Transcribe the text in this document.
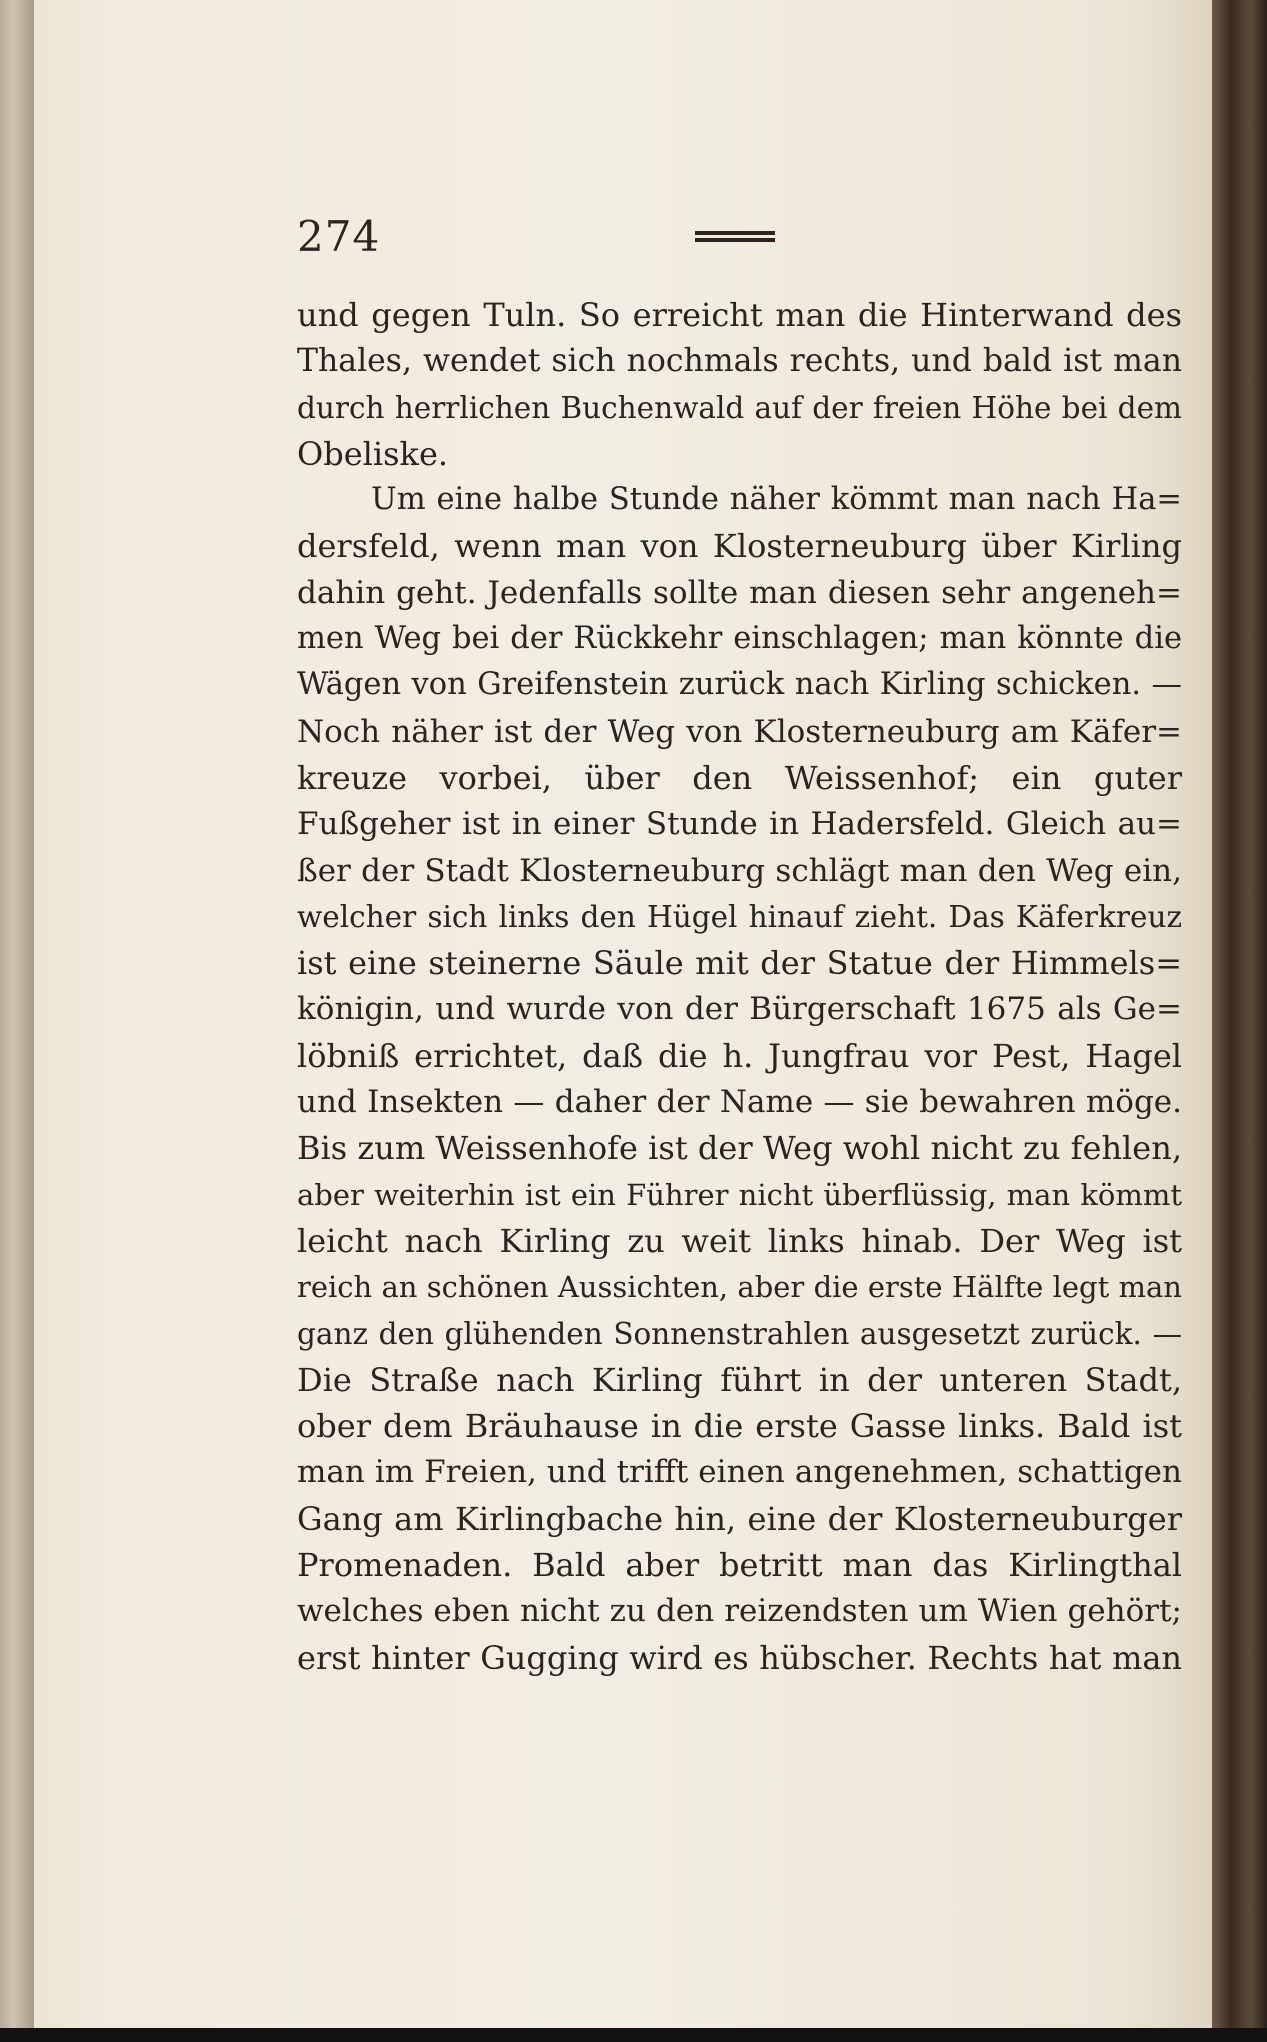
274
und gegen Tuln. So erreicht man die Hinterwand des
Thales, wendet sich nochmals rechts, und bald ist man
durch herrlichen Buchenwald auf der freien Höhe bei dem
Obeliske.
Um eine halbe Stunde näher kömmt man nach Ha=
dersfeld, wenn man von Klosterneuburg über Kirling
dahin geht. Jedenfalls sollte man diesen sehr angeneh=
men Weg bei der Rückkehr einschlagen; man könnte die
Wägen von Greifenstein zurück nach Kirling schicken. —
Noch näher ist der Weg von Klosterneuburg am Käfer=
kreuze vorbei, über den Weissenhof; ein guter
Fußgeher ist in einer Stunde in Hadersfeld. Gleich au=
ßer der Stadt Klosterneuburg schlägt man den Weg ein,
welcher sich links den Hügel hinauf zieht. Das Käferkreuz
ist eine steinerne Säule mit der Statue der Himmels=
königin, und wurde von der Bürgerschaft 1675 als Ge=
löbniß errichtet, daß die h. Jungfrau vor Pest, Hagel
und Insekten — daher der Name — sie bewahren möge.
Bis zum Weissenhofe ist der Weg wohl nicht zu fehlen,
aber weiterhin ist ein Führer nicht überflüssig, man kömmt
leicht nach Kirling zu weit links hinab. Der Weg ist
reich an schönen Aussichten, aber die erste Hälfte legt man
ganz den glühenden Sonnenstrahlen ausgesetzt zurück. —
Die Straße nach Kirling führt in der unteren Stadt,
ober dem Bräuhause in die erste Gasse links. Bald ist
man im Freien, und trifft einen angenehmen, schattigen
Gang am Kirlingbache hin, eine der Klosterneuburger
Promenaden. Bald aber betritt man das Kirlingthal
welches eben nicht zu den reizendsten um Wien gehört;
erst hinter Gugging wird es hübscher. Rechts hat man
